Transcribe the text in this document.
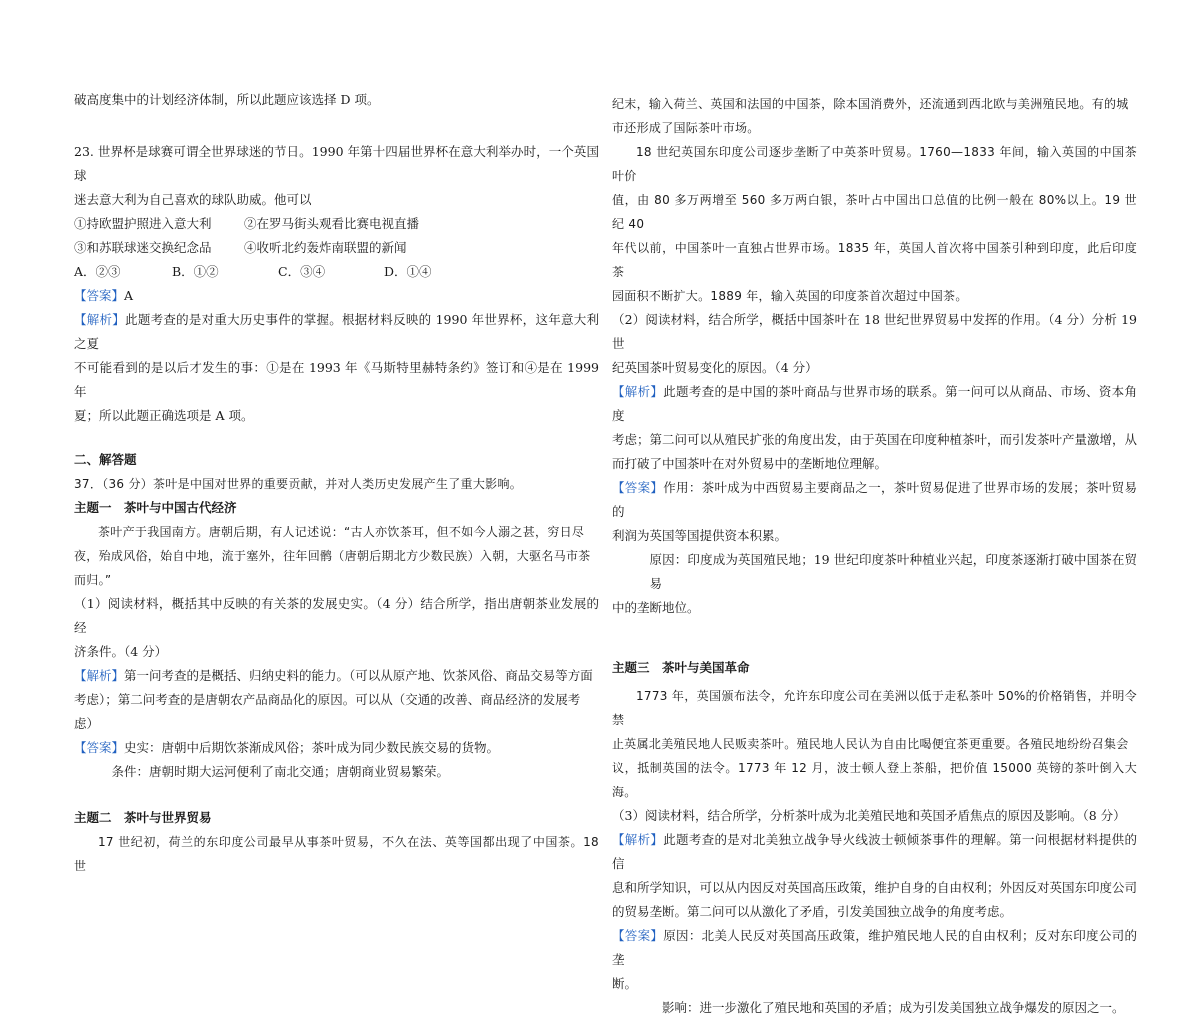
破高度集中的计划经济体制，所以此题应该选择 D 项。

23. 世界杯是球赛可谓全世界球迷的节日。1990 年第十四届世界杯在意大利举办时，一个英国球

迷去意大利为自己喜欢的球队助威。他可以

①持欧盟护照进入意大利	②在罗马街头观看比赛电视直播
③和苏联球迷交换纪念品	④收听北约轰炸南联盟的新闻
A．②③	B．①②	C．③④	D．①④

【答案】A

【解析】此题考查的是对重大历史事件的掌握。根据材料反映的 1990 年世界杯，这年意大利之夏

不可能看到的是以后才发生的事：①是在 1993 年《马斯特里赫特条约》签订和④是在 1999 年

夏；所以此题正确选项是 A 项。

二、解答题

37．（36 分）茶叶是中国对世界的重要贡献，并对人类历史发展产生了重大影响。

主题一　茶叶与中国古代经济

茶叶产于我国南方。唐朝后期，有人记述说：“古人亦饮茶耳，但不如今人溺之甚，穷日尽

夜，殆成风俗，始自中地，流于塞外，往年回鹘（唐朝后期北方少数民族）入朝，大驱名马市茶

而归。”

（1）阅读材料，概括其中反映的有关茶的发展史实。（4 分）结合所学，指出唐朝茶业发展的经

济条件。（4 分）

【解析】第一问考查的是概括、归纳史料的能力。（可以从原产地、饮茶风俗、商品交易等方面

考虑）；第二问考查的是唐朝农产品商品化的原因。可以从（交通的改善、商品经济的发展考

虑）

【答案】史实：唐朝中后期饮茶渐成风俗；茶叶成为同少数民族交易的货物。

条件：唐朝时期大运河便利了南北交通；唐朝商业贸易繁荣。

主题二　茶叶与世界贸易

17 世纪初，荷兰的东印度公司最早从事茶叶贸易，不久在法、英等国都出现了中国茶。18 世

纪末，输入荷兰、英国和法国的中国茶，除本国消费外，还流通到西北欧与美洲殖民地。有的城

市还形成了国际茶叶市场。

18 世纪英国东印度公司逐步垄断了中英茶叶贸易。1760—1833 年间，输入英国的中国茶叶价

值，由 80 多万两增至 560 多万两白银，茶叶占中国出口总值的比例一般在 80%以上。19 世纪 40

年代以前，中国茶叶一直独占世界市场。1835 年，英国人首次将中国茶引种到印度，此后印度茶

园面积不断扩大。1889 年，输入英国的印度茶首次超过中国茶。

（2）阅读材料，结合所学，概括中国茶叶在 18 世纪世界贸易中发挥的作用。（4 分）分析 19 世

纪英国茶叶贸易变化的原因。（4 分）

【解析】此题考查的是中国的茶叶商品与世界市场的联系。第一问可以从商品、市场、资本角度

考虑；第二问可以从殖民扩张的角度出发，由于英国在印度种植茶叶，而引发茶叶产量激增，从

而打破了中国茶叶在对外贸易中的垄断地位理解。

【答案】作用：茶叶成为中西贸易主要商品之一，茶叶贸易促进了世界市场的发展；茶叶贸易的

利润为英国等国提供资本积累。

原因：印度成为英国殖民地；19 世纪印度茶叶种植业兴起，印度茶逐渐打破中国茶在贸易

中的垄断地位。

主题三　茶叶与美国革命

1773 年，英国颁布法令，允许东印度公司在美洲以低于走私茶叶 50%的价格销售，并明令禁

止英属北美殖民地人民贩卖茶叶。殖民地人民认为自由比喝便宜茶更重要。各殖民地纷纷召集会

议，抵制英国的法令。1773 年 12 月，波士顿人登上茶船，把价值 15000 英镑的茶叶倒入大海。

（3）阅读材料，结合所学，分析茶叶成为北美殖民地和英国矛盾焦点的原因及影响。（8 分）

【解析】此题考查的是对北美独立战争导火线波士顿倾茶事件的理解。第一问根据材料提供的信

息和所学知识，可以从内因反对英国高压政策，维护自身的自由权利；外因反对英国东印度公司

的贸易垄断。第二问可以从激化了矛盾，引发美国独立战争的角度考虑。

【答案】原因：北美人民反对英国高压政策，维护殖民地人民的自由权利；反对东印度公司的垄

断。

影响：进一步激化了殖民地和英国的矛盾；成为引发美国独立战争爆发的原因之一。
